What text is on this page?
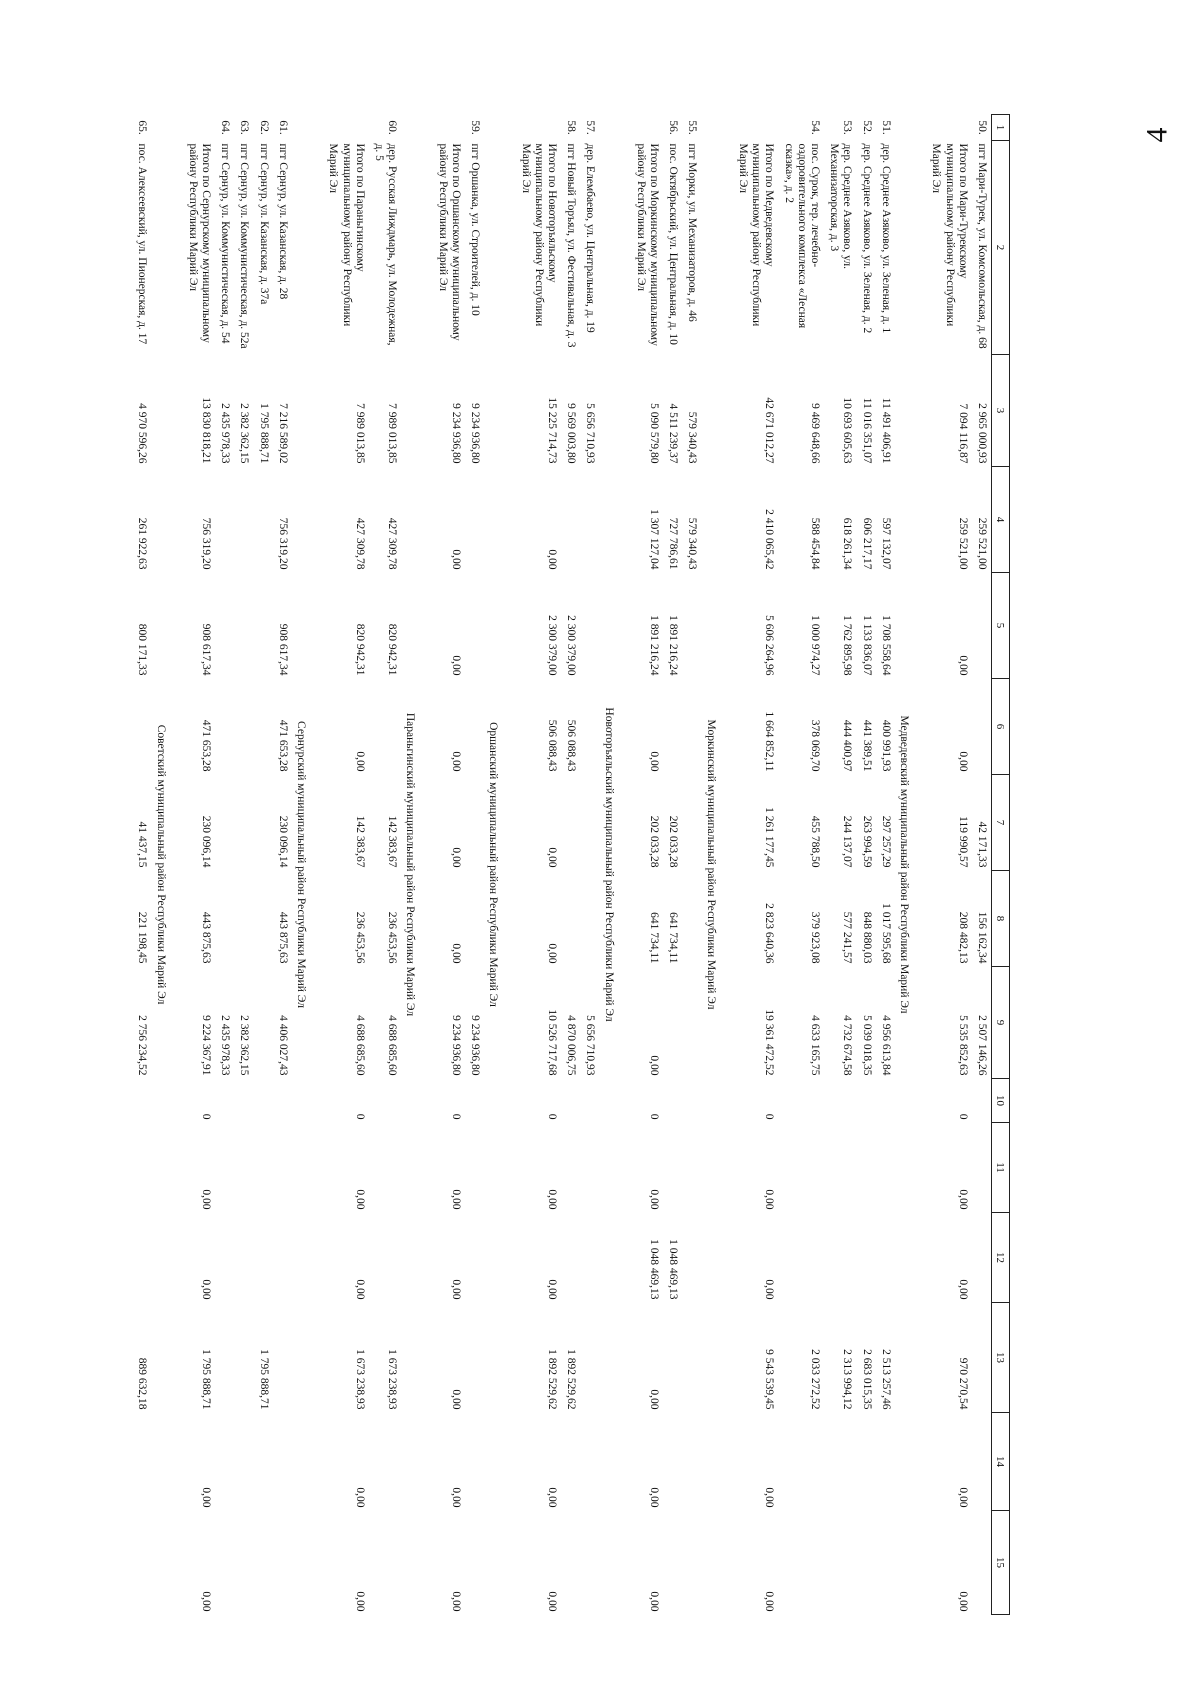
4
1	2	3	4	5	6	7	8	9	10	11	12	13	14	15
50.	пгт Мари-Турек, ул. Комсомольская, д. 68	2 965 000,93	259 521,00			42 171,33	156 162,34	2 507 146,26						
	Итого по Мари-Турекскому муниципальному району Республики Марий Эл	7 094 116,87	259 521,00	0,00	0,00	119 990,57	208 482,13	5 535 852,63	0	0,00	0,00	970 270,54	0,00	0,00
Медведевский муниципальный район Республики Марий Эл														
51.	дер. Среднее Азяково, ул. Зеленая, д. 1	11 491 406,91	597 132,07	1 708 558,64	400 991,93	297 257,29	1 017 595,68	4 956 613,84				2 513 257,46		
52.	дер. Среднее Азяково, ул. Зеленая, д. 2	11 016 351,07	606 217,17	1 133 836,07	441 389,51	263 994,59	848 880,03	5 039 018,35				2 683 015,35		
53.	дер. Среднее Азяково, ул. Механизаторская, д. 3	10 693 605,63	618 261,34	1 762 895,98	444 400,97	244 137,07	577 241,57	4 732 674,58				2 313 994,12		
54.	пос. Сурок, тер. лечебно-оздоровительного комплекса «Лесная сказка», д. 2	9 469 648,66	588 454,84	1 000 974,27	378 069,70	455 788,50	379 923,08	4 633 165,75				2 033 272,52		
	Итого по Медведевскому муниципальному району Республики Марий Эл	42 671 012,27	2 410 065,42	5 606 264,96	1 664 852,11	1 261 177,45	2 823 640,36	19 361 472,52	0	0,00	0,00	9 543 539,45	0,00	0,00
Моркинский муниципальный район Республики Марий Эл														
55.	пгт Морки, ул. Механизаторов, д. 46	579 340,43	579 340,43											
56.	пос. Октябрьский, ул. Центральная, д. 10	4 511 239,37	727 786,61	1 891 216,24		202 033,28	641 734,11				1 048 469,13			
	Итого по Моркинскому муниципальному району Республики Марий Эл	5 090 579,80	1 307 127,04	1 891 216,24	0,00	202 033,28	641 734,11	0,00	0	0,00	1 048 469,13	0,00	0,00	0,00
Новоторъяльский муниципальный район Республики Марий Эл														
57.	дер. Елембаево, ул. Центральная, д. 19	5 656 710,93						5 656 710,93						
58.	пгт Новый Торъял, ул. Фестивальная, д. 3	9 569 003,80		2 300 379,00	506 088,43			4 870 006,75				1 892 529,62		
	Итого по Новоторъяльскому муниципальному району Республики Марий Эл	15 225 714,73	0,00	2 300 379,00	506 088,43	0,00	0,00	10 526 717,68	0	0,00	0,00	1 892 529,62	0,00	0,00
Оршанский муниципальный район Республики Марий Эл														
59.	пгт Оршанка, ул. Строителей, д. 10	9 234 936,80						9 234 936,80						
	Итого по Оршанскому муниципальному району Республики Марий Эл	9 234 936,80	0,00	0,00	0,00	0,00	0,00	9 234 936,80	0	0,00	0,00	0,00	0,00	0,00
Параньгинский муниципальный район Республики Марий Эл														
60.	дер. Русская Лиждмарь, ул. Молодежная, д. 5	7 989 013,85	427 309,78	820 942,31		142 383,67	236 453,56	4 688 685,60				1 673 238,93		
	Итого по Параньгинскому муниципальному району Республики Марий Эл	7 989 013,85	427 309,78	820 942,31	0,00	142 383,67	236 453,56	4 688 685,60	0	0,00	0,00	1 673 238,93	0,00	0,00
Сернурский муниципальный район Республики Марий Эл														
61.	пгт Сернур, ул. Казанская, д. 28	7 216 589,02	756 319,20	908 617,34	471 653,28	230 096,14	443 875,63	4 406 027,43						
62.	пгт Сернур, ул. Казанская, д. 37а	1 795 888,71										1 795 888,71		
63.	пгт Сернур, ул. Коммунистическая, д. 52а	2 382 362,15						2 382 362,15						
64.	пгт Сернур, ул. Коммунистическая, д. 54	2 435 978,33						2 435 978,33						
	Итого по Сернурскому муниципальному району Республики Марий Эл	13 830 818,21	756 319,20	908 617,34	471 653,28	230 096,14	443 875,63	9 224 367,91	0	0,00	0,00	1 795 888,71	0,00	0,00
Советский муниципальный район Республики Марий Эл														
65.	пос. Алексеевский, ул. Пионерская, д. 17	4 970 596,26	261 922,63	800 171,33		41 437,15	221 198,45	2 756 234,52				889 632,18		
